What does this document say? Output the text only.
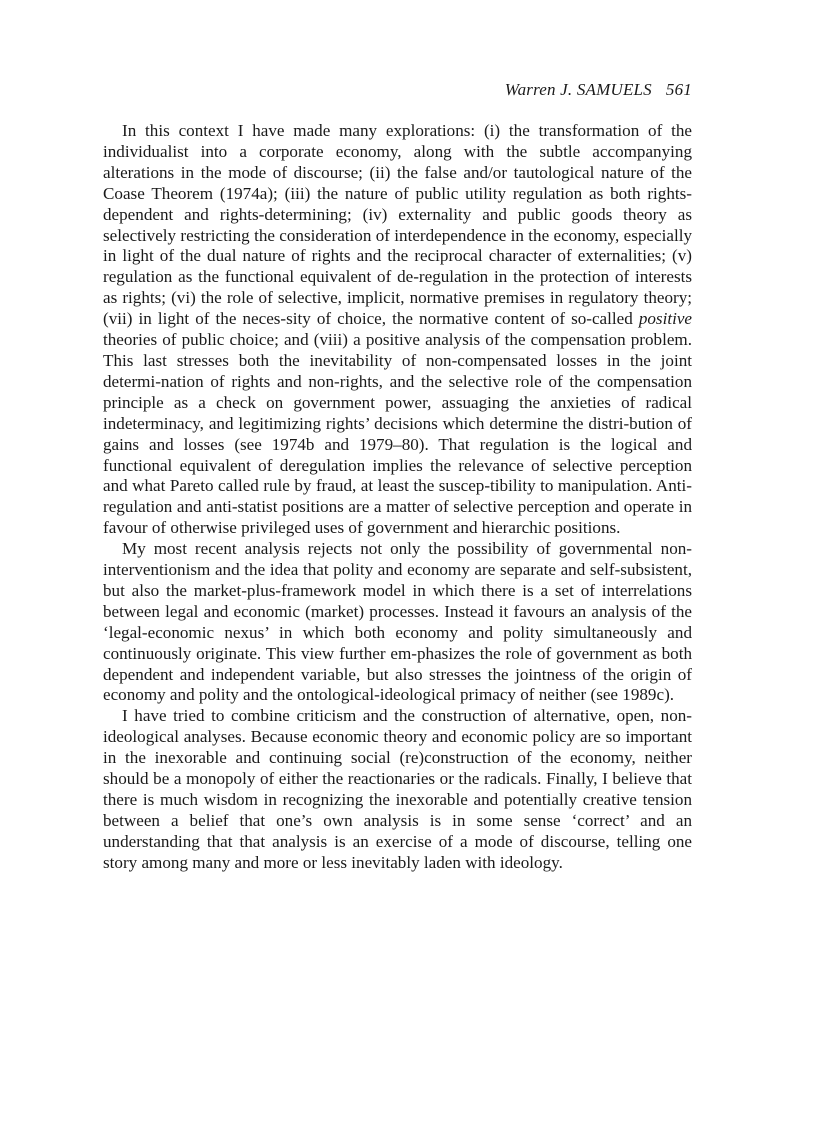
Warren J. SAMUELS 561

In this context I have made many explorations: (i) the transformation of the individualist into a corporate economy, along with the subtle accompanying alterations in the mode of discourse; (ii) the false and/or tautological nature of the Coase Theorem (1974a); (iii) the nature of public utility regulation as both rights-dependent and rights-determining; (iv) externality and public goods theory as selectively restricting the consideration of interdependence in the economy, especially in light of the dual nature of rights and the reciprocal character of externalities; (v) regulation as the functional equivalent of de-regulation in the protection of interests as rights; (vi) the role of selective, implicit, normative premises in regulatory theory; (vii) in light of the neces-sity of choice, the normative content of so-called positive theories of public choice; and (viii) a positive analysis of the compensation problem. This last stresses both the inevitability of non-compensated losses in the joint determi-nation of rights and non-rights, and the selective role of the compensation principle as a check on government power, assuaging the anxieties of radical indeterminacy, and legitimizing rights’ decisions which determine the distri-bution of gains and losses (see 1974b and 1979–80). That regulation is the logical and functional equivalent of deregulation implies the relevance of selective perception and what Pareto called rule by fraud, at least the suscep-tibility to manipulation. Anti-regulation and anti-statist positions are a matter of selective perception and operate in favour of otherwise privileged uses of government and hierarchic positions.

My most recent analysis rejects not only the possibility of governmental non-interventionism and the idea that polity and economy are separate and self-subsistent, but also the market-plus-framework model in which there is a set of interrelations between legal and economic (market) processes. Instead it favours an analysis of the ‘legal-economic nexus’ in which both economy and polity simultaneously and continuously originate. This view further em-phasizes the role of government as both dependent and independent variable, but also stresses the jointness of the origin of economy and polity and the ontological-ideological primacy of neither (see 1989c).

I have tried to combine criticism and the construction of alternative, open, non-ideological analyses. Because economic theory and economic policy are so important in the inexorable and continuing social (re)construction of the economy, neither should be a monopoly of either the reactionaries or the radicals. Finally, I believe that there is much wisdom in recognizing the inexorable and potentially creative tension between a belief that one’s own analysis is in some sense ‘correct’ and an understanding that that analysis is an exercise of a mode of discourse, telling one story among many and more or less inevitably laden with ideology.
